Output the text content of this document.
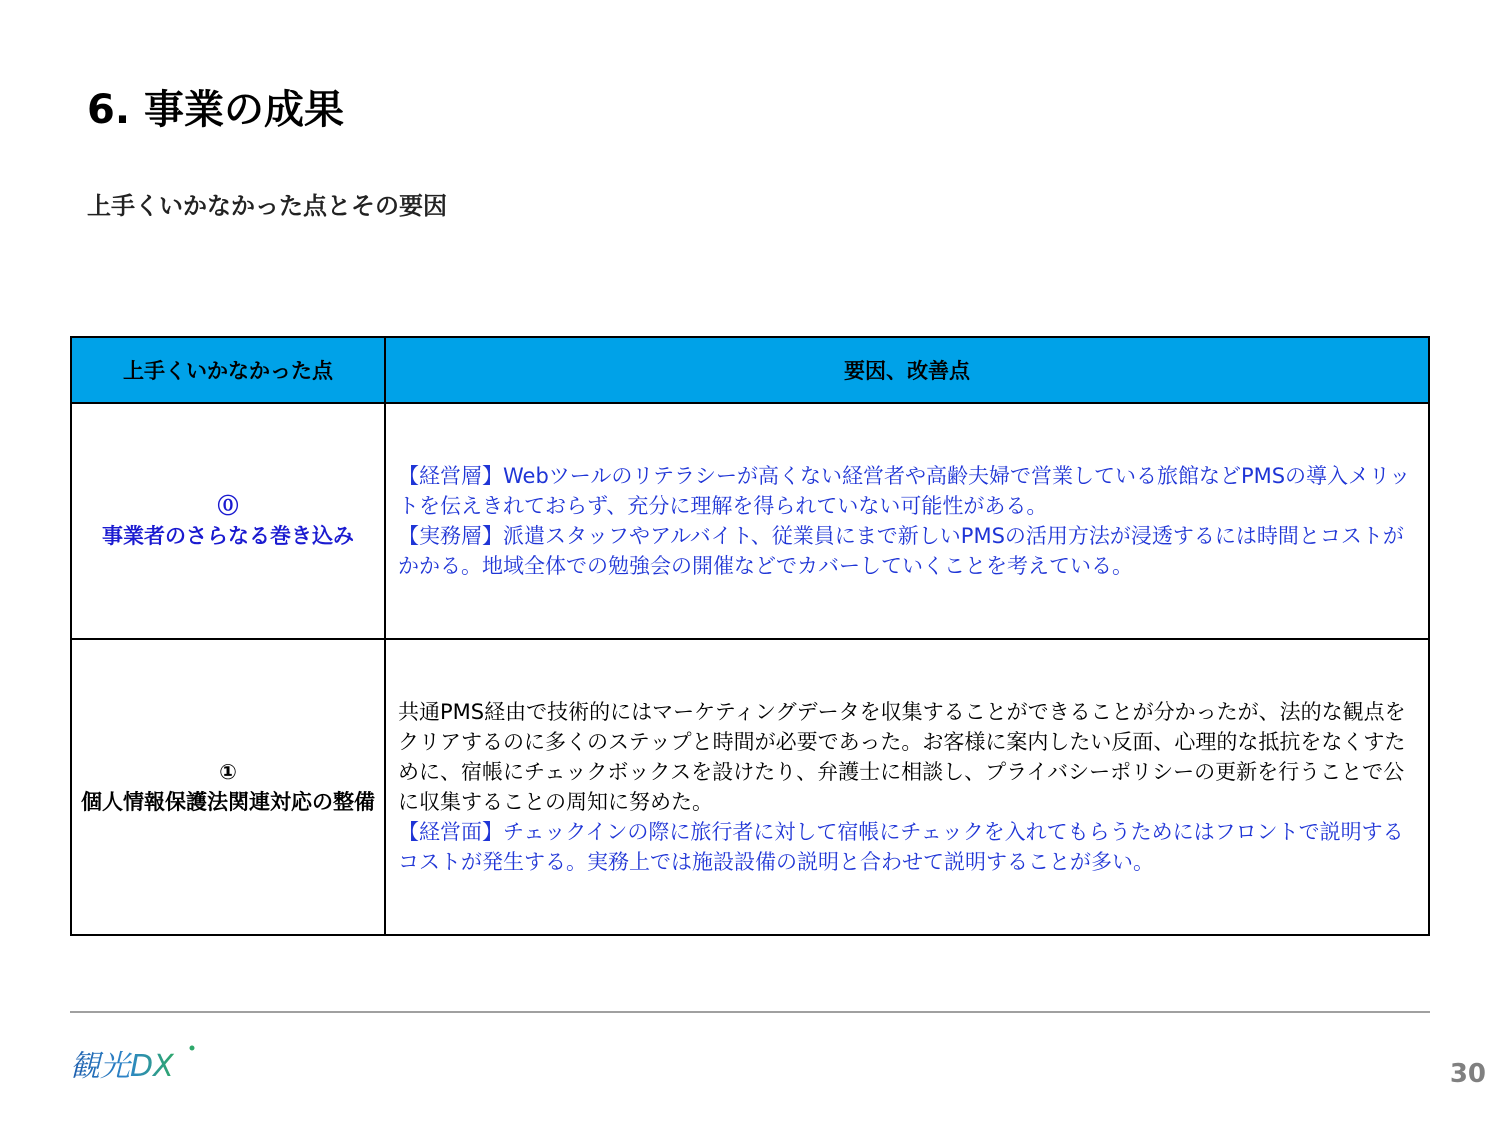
6. 事業の成果
上手くいかなかった点とその要因
上手くいかなかった点	要因、改善点

⓪
事業者のさらなる巻き込み	【経営層】Webツールのリテラシーが高くない経営者や高齢夫婦で営業している旅館などPMSの導入メリットを伝えきれておらず、充分に理解を得られていない可能性がある。
【実務層】派遣スタッフやアルバイト、従業員にまで新しいPMSの活用方法が浸透するには時間とコストがかかる。地域全体での勉強会の開催などでカバーしていくことを考えている。

①
個人情報保護法関連対応の整備	共通PMS経由で技術的にはマーケティングデータを収集することができることが分かったが、法的な観点をクリアするのに多くのステップと時間が必要であった。お客様に案内したい反面、心理的な抵抗をなくすために、宿帳にチェックボックスを設けたり、弁護士に相談し、プライバシーポリシーの更新を行うことで公に収集することの周知に努めた。
【経営面】チェックインの際に旅行者に対して宿帳にチェックを入れてもらうためにはフロントで説明するコストが発生する。実務上では施設設備の説明と合わせて説明することが多い。
観光DX	30
